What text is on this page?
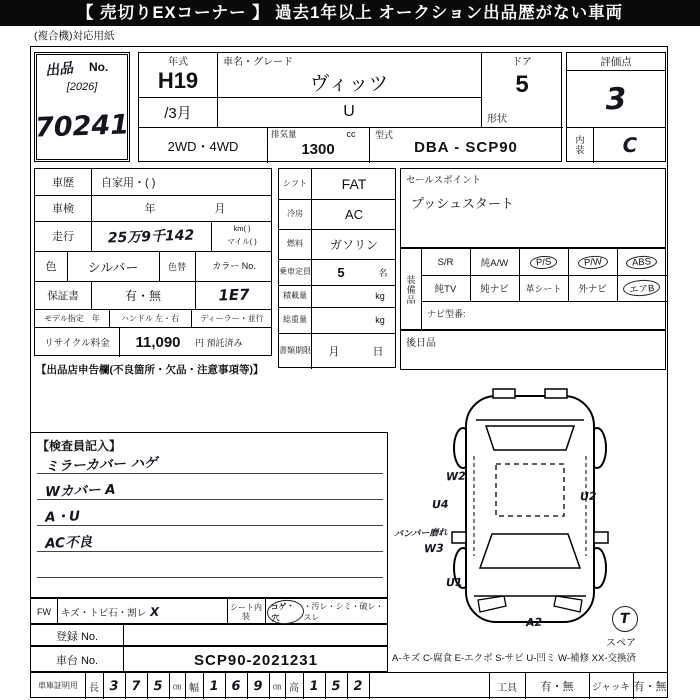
【 売切りEXコーナー 】 過去1年以上 オークション出品歴がない車両
(複合機)対応用紙
出品 No.
[2026]
70241
年式
H19
/3月
車名・グレード
ヴィッツ
U
ドア
5
形状
2WD・4WD
排気量
1300
cc	型式
DBA - SCP90
評価点
3
内装	C
車歴	自家用・( )
車検	年	月
走行	25万9千142	km( )
マイル( )
色	シルバー	色替	カラー No.
保証書	有・無	1E7
モデル指定　年	ハンドル 左・右	ディーラー・並行
リサイクル料金	11,090	円 預託済み
【出品店申告欄(不良箇所・欠品・注意事項等)】
シフト	FAT
冷房	AC
燃料	ガソリン
乗車定員	5	名
積載量	kg
総重量	kg
書類期限	月	日
セールスポイント
プッシュスタート
装備品
S/R	純A/W	P/S	P/W	ABS
純TV	純ナビ 革シート 外ナビ	エアB
ナビ型番:
後日品
【検査員記入】
ミラーカバー ハゲ
Wカバー A
A・U
AC不良
W2
U4
バンパー磨れ
W3
U1
U2
A2	T
スペア
A-キズ C-腐食 E-エクボ S-サビ U-凹ミ W-補修 XX-交換済
FW	キズ・トビ石・割レ X	シート内装
コゲ・穴
・汚レ・シミ・破レ・スレ
登録 No.
車台 No.	SCP90-2021231
車庫証明用	長 3 7 5	㎝ 幅 1 6 9	㎝ 高 1 5 2	工具	有・無	ジャッキ 有・無
